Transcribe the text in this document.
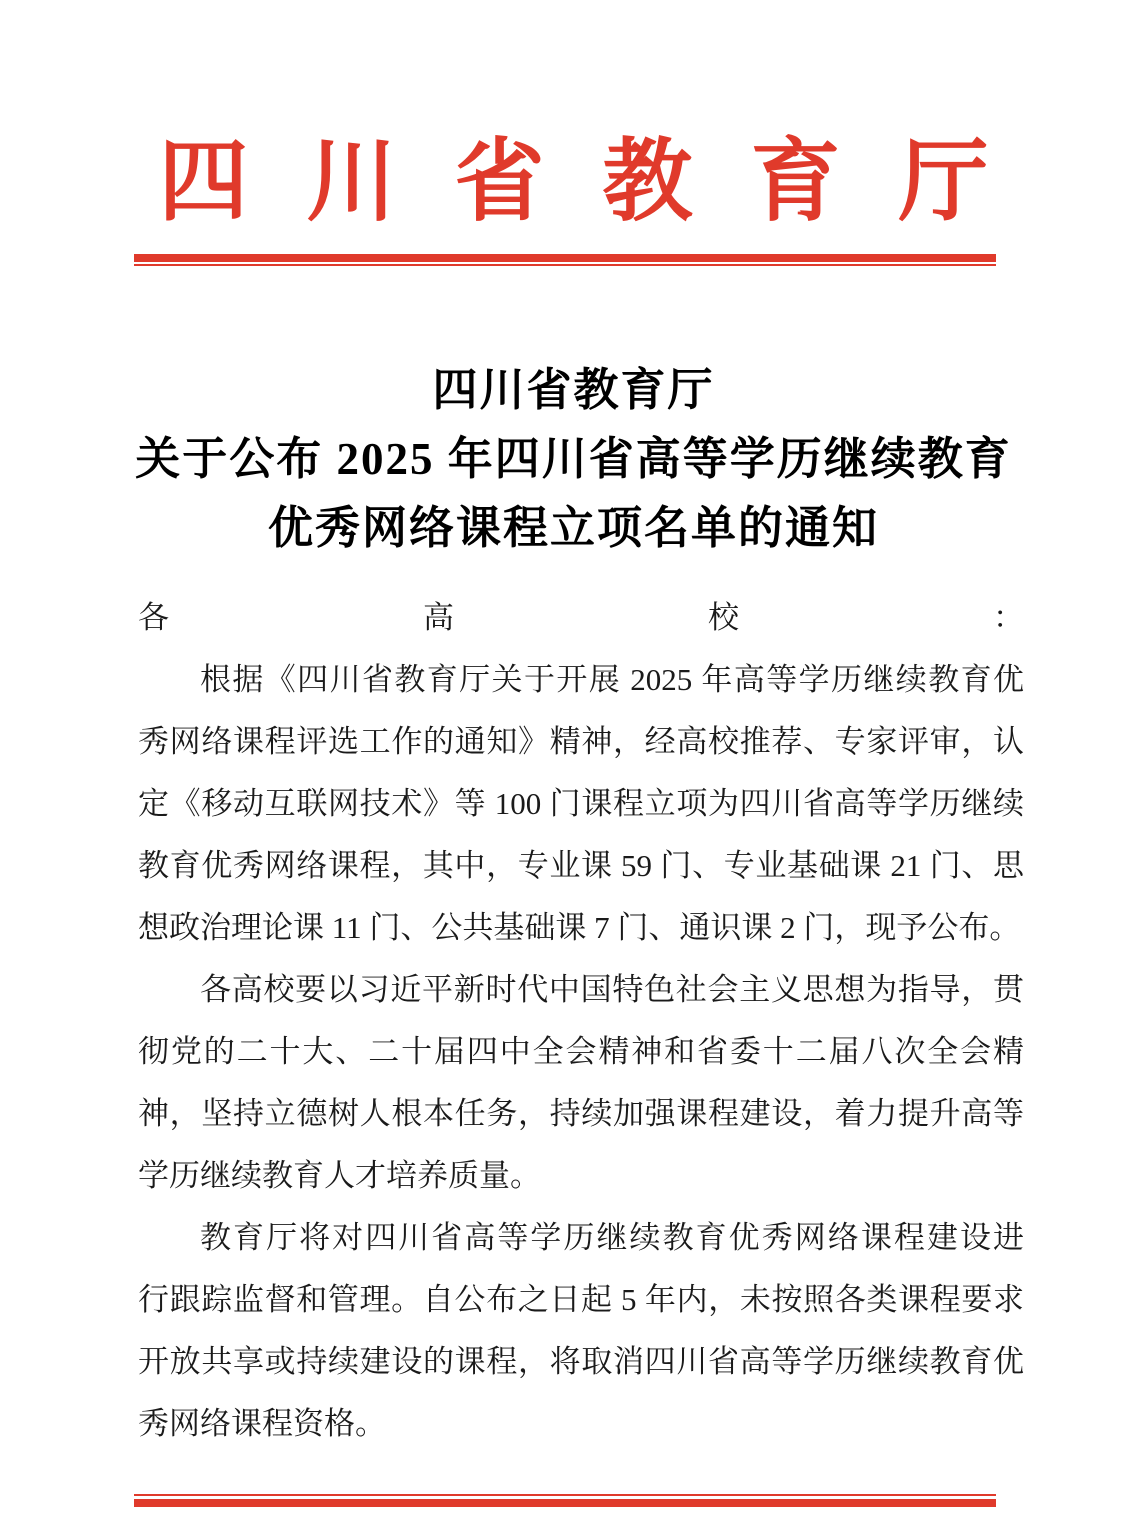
四川省教育厅
四川省教育厅
关于公布 2025 年四川省高等学历继续教育
优秀网络课程立项名单的通知
各高校：
根据《四川省教育厅关于开展 2025 年高等学历继续教育优
秀网络课程评选工作的通知》精神，经高校推荐、专家评审，认
定《移动互联网技术》等 100 门课程立项为四川省高等学历继续
教育优秀网络课程，其中，专业课 59 门、专业基础课 21 门、思
想政治理论课 11 门、公共基础课 7 门、通识课 2 门，现予公布。
各高校要以习近平新时代中国特色社会主义思想为指导，贯
彻党的二十大、二十届四中全会精神和省委十二届八次全会精
神，坚持立德树人根本任务，持续加强课程建设，着力提升高等
学历继续教育人才培养质量。
教育厅将对四川省高等学历继续教育优秀网络课程建设进
行跟踪监督和管理。自公布之日起 5 年内，未按照各类课程要求
开放共享或持续建设的课程，将取消四川省高等学历继续教育优
秀网络课程资格。
